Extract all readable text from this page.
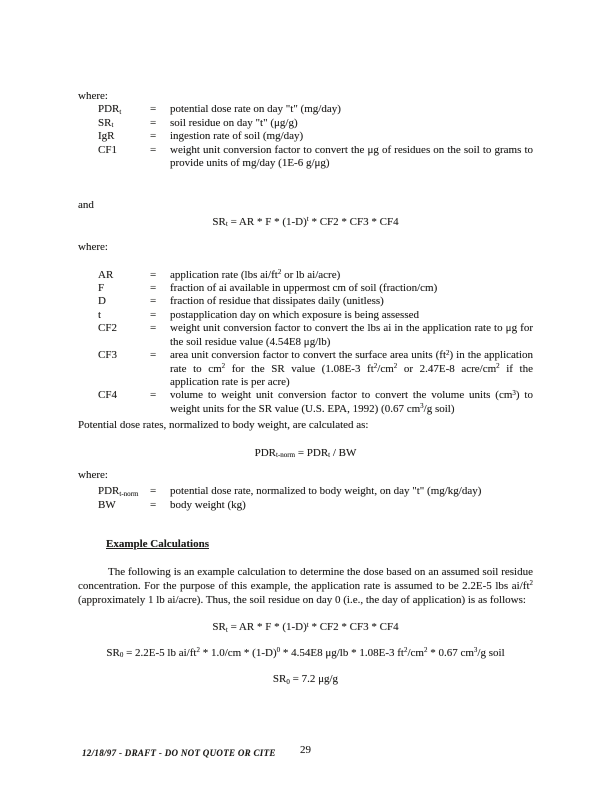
where:
$PDR_t$	=	potential dose rate on day "t" (mg/day)
$SR_t$	=	soil residue on day "t" (μg/g)
IgR	=	ingestion rate of soil (mg/day)
CF1	=	weight unit conversion factor to convert the μg of residues on the soil to grams to provide units of mg/day (1E-6 g/μg)
and
$SR_t$ = AR * F * $(1-D)^t * CF2 * CF3 * CF4$
where:
AR	=	application rate (lbs $ai/ft^2$ or lb ai/acre)
F	=	fraction of ai available in uppermost cm of soil (fraction/cm)
D	=	fraction of residue that dissipates daily (unitless)
t	=	postapplication day on which exposure is being assessed
CF2	=	weight unit conversion factor to convert the lbs ai in the application rate to μg for the soil residue value (4.54E8 μg/lb)
CF3	=	area unit conversion factor to convert the surface area units $(ft^2)$ in the application rate to $cm^2$ for the SR value (1.08E-3 $ft^2/cm^2$ or 2.47E-8 acre/$cm^2$ if the application rate is per acre)
CF4	=	volume to weight unit conversion factor to convert the volume units $(cm^3)$ to weight units for the SR value (U.S. EPA, 1992) (0.67 $cm^3/g$ soil)
Potential dose rates, normalized to body weight, are calculated as:
$PDR_{t-norm} = PDR_t$ / BW
where:
$PDR_{t-norm}$	=	potential dose rate, normalized to body weight, on day "t" (mg/kg/day)
BW	=	body weight (kg)
Example Calculations
The following is an example calculation to determine the dose based on an assumed soil residue concentration. For the purpose of this example, the application rate is assumed to be 2.2E-5 lbs $ai/ft^2$ (approximately 1 lb ai/acre). Thus, the soil residue on day 0 (i.e., the day of application) is as follows:
$SR_t$ = AR * F * $(1-D)^t * CF2 * CF3 * CF4$
$SR_0 = 2.2E-5$ lb $ai/ft^2 * 1.0/cm * (1-D)^0 * 4.54E8$ μg/lb * 1.08E-3 $ft^2/cm^2 * 0.67$ $cm^3/g$ soil
$SR_0 = 7.2$ μg/g
12/18/97 - DRAFT - DO NOT QUOTE OR CITE 29
